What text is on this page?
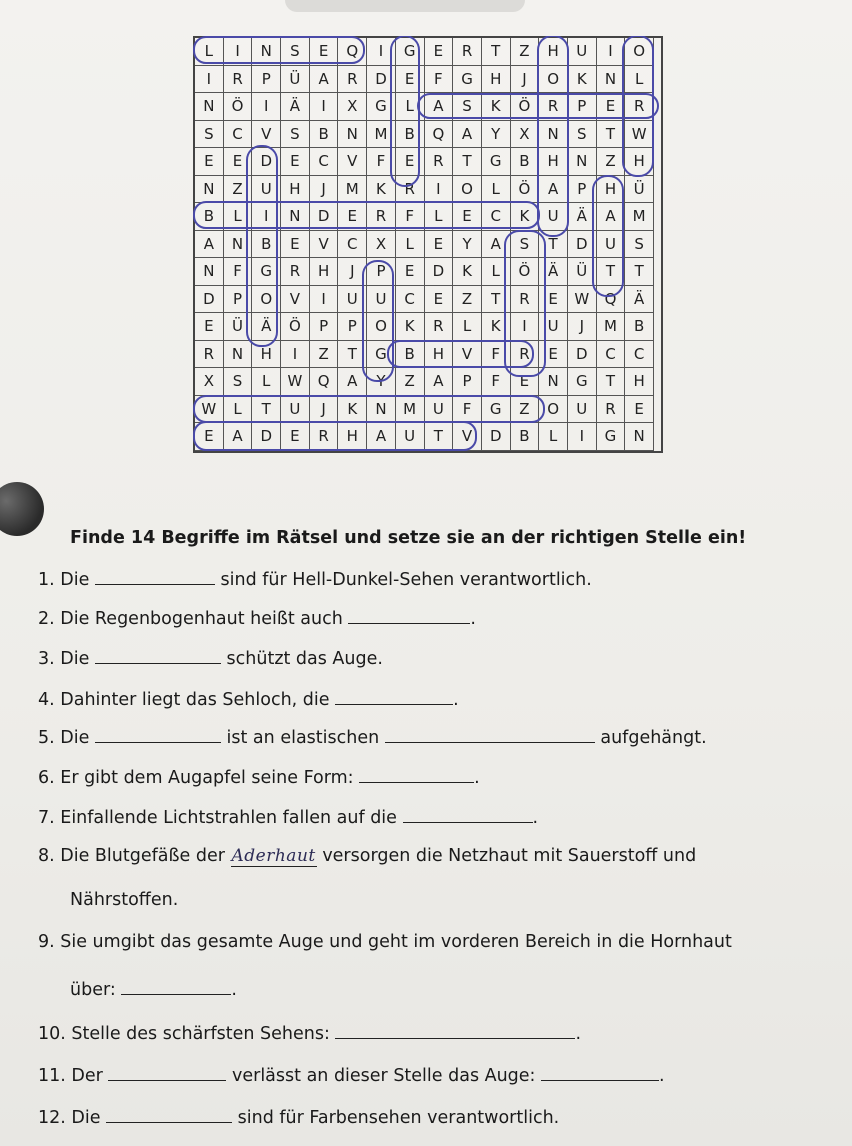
L	I	N	S	E	Q	I	G	E	R	T	Z	H	U	I	O
I	R	P	Ü	A	R	D	E	F	G	H	J	O	K	N	L
N	Ö	I	Ä	I	X	G	L	A	S	K	Ö	R	P	E	R
S	C	V	S	B	N	M	B	Q	A	Y	X	N	S	T	W
E	E	D	E	C	V	F	E	R	T	G	B	H	N	Z	H
N	Z	U	H	J	M	K	R	I	O	L	Ö	A	P	H	Ü
B	L	I	N	D	E	R	F	L	E	C	K	U	Ä	A	M
A	N	B	E	V	C	X	L	E	Y	A	S	T	D	U	S
N	F	G	R	H	J	P	E	D	K	L	Ö	Ä	Ü	T	T
D	P	O	V	I	U	U	C	E	Z	T	R	E	W	Q	Ä
E	Ü	Ä	Ö	P	P	O	K	R	L	K	I	U	J	M	B
R	N	H	I	Z	T	G	B	H	V	F	R	E	D	C	C
X	S	L	W	Q	A	Y	Z	A	P	F	E	N	G	T	H
W	L	T	U	J	K	N	M	U	F	G	Z	O	U	R	E
E	A	D	E	R	H	A	U	T	V	D	B	L	I	G	N
Finde 14 Begriffe im Rätsel und setze sie an der richtigen Stelle ein!
1. Die	sind für Hell-Dunkel-Sehen verantwortlich.
2. Die Regenbogenhaut heißt auch	.
3. Die	schützt das Auge.
4. Dahinter liegt das Sehloch, die	.
5. Die	ist an elastischen	aufgehängt.
6. Er gibt dem Augapfel seine Form:	.
7. Einfallende Lichtstrahlen fallen auf die	.
8. Die Blutgefäße der Aderhaut versorgen die Netzhaut mit Sauerstoff und
Nährstoffen.
9. Sie umgibt das gesamte Auge und geht im vorderen Bereich in die Hornhaut
über:	.
10. Stelle des schärfsten Sehens:	.
11. Der	verlässt an dieser Stelle das Auge:	.
12. Die	sind für Farbensehen verantwortlich.
